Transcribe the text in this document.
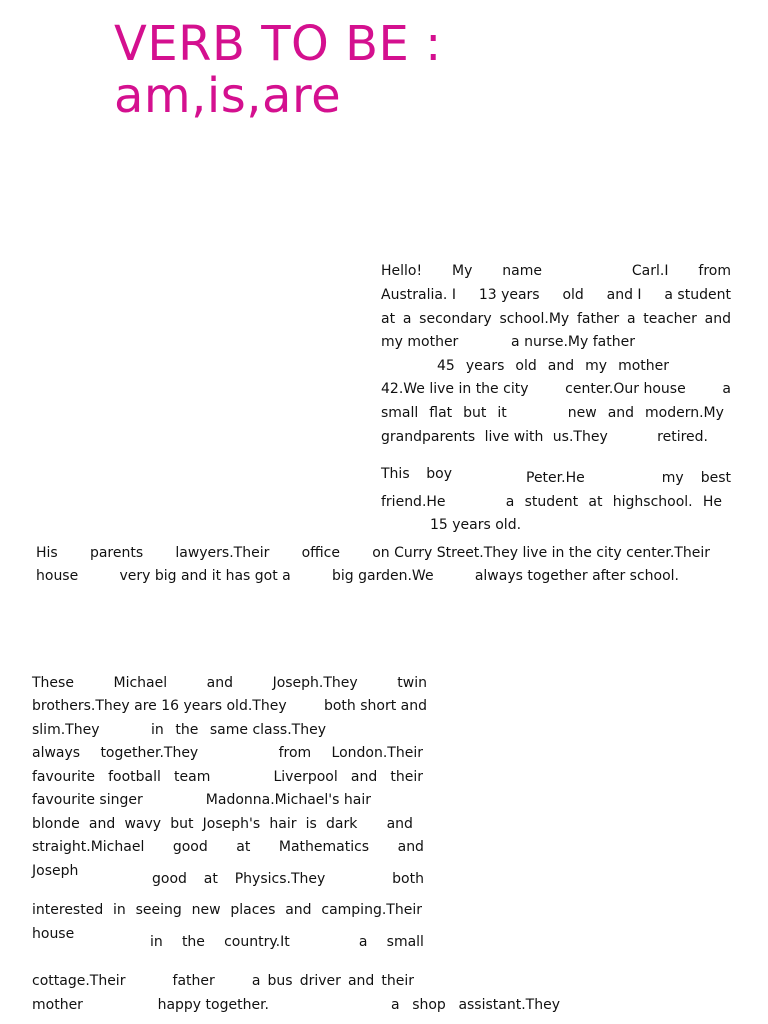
VERB TO BE :
am,is,are
Hello! My name	Carl.I from
Australia. I 13 years old and I a student
at a secondary school.My father a teacher and
my mother	a nurse.My father
45 years old and my mother
42.We live in the city	center.Our house	a
small flat but it	new and modern.My
grandparents live with us.They	retired.
This boy	Peter.He	my best
friend.He	a student at highschool. He
15 years old.
His parents lawyers.Their office on Curry Street.They live in the city center.Their
house	very big and it has got a	big garden.We	always together after school.
These	Michael	and	Joseph.They	twin
brothers.They are 16 years old.They	both short and
slim.They	in the same class.They
always together.They	from London.Their
favourite football team	Liverpool and their
favourite singer	Madonna.Michael's hair
blonde and wavy but Joseph's hair is dark and
straight.Michael good at Mathematics and
Joseph	good at Physics.They	both
interested in seeing new places and camping.Their
house	in the country.It	a small
cottage.Their	father	a bus driver and their
mother	happy together.	a shop assistant.They
